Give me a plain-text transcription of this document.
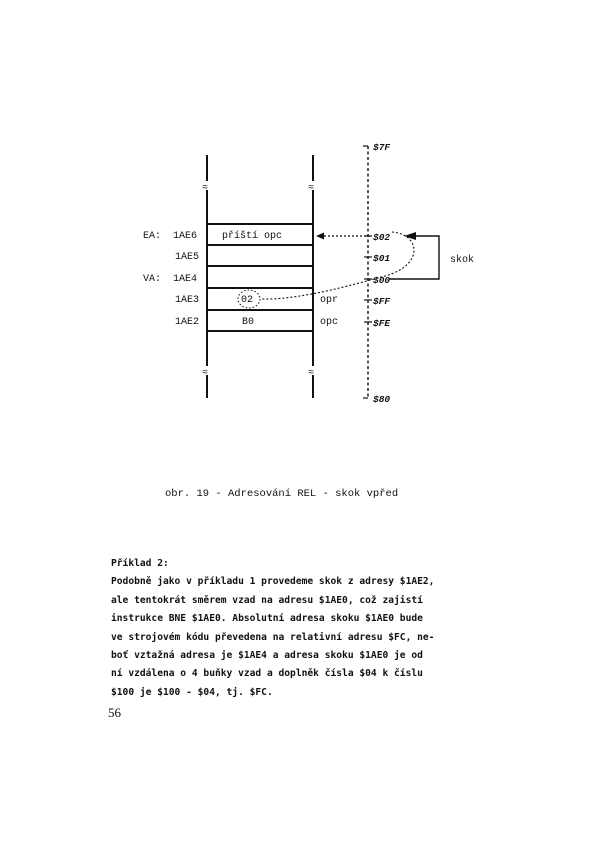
≈	≈
≈	≈
EA:  1AE6
1AE5
VA:  1AE4
1AE3
1AE2
příští opc
02
B0
opr
opc
$7F
$02
$01
$00
$FF
$FE
$80
skok
obr. 19 - Adresování REL - skok vpřed

Příklad 2:

Podobně jako v příkladu 1 provedeme skok z adresy $1AE2,

ale tentokrát směrem vzad na adresu $1AE0, což zajistí

instrukce BNE $1AE0. Absolutní adresa skoku $1AE0 bude

ve strojovém kódu převedena na relativní adresu $FC, ne-

boť vztažná adresa je $1AE4 a adresa skoku $1AE0 je od

ní vzdálena o 4 buňky vzad a doplněk čísla $04 k číslu

$100 je $100 - $04, tj. $FC.

56
